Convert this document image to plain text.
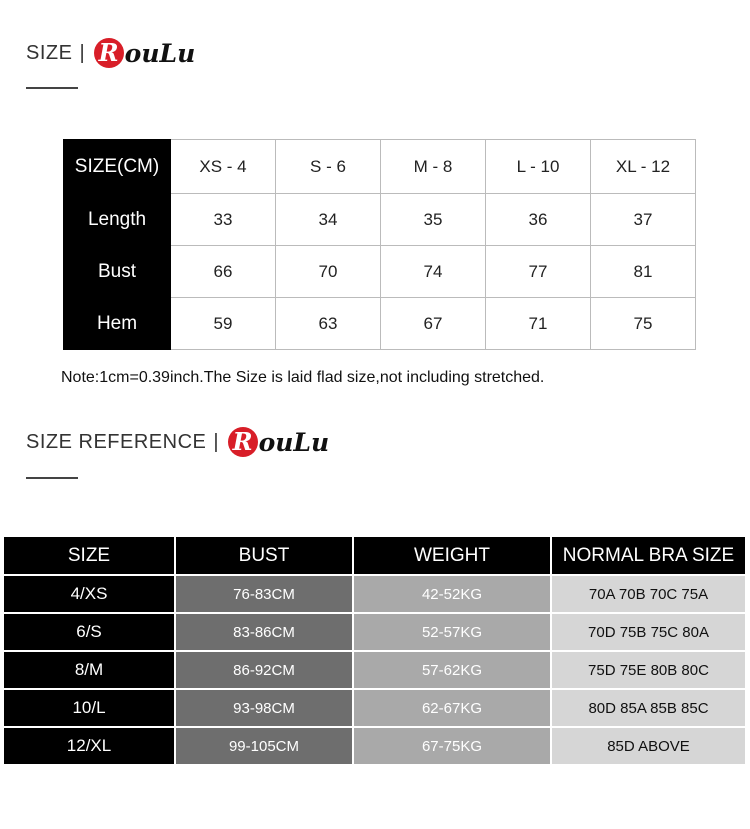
SIZE | R ouLu
SIZE(CM)	XS - 4	S - 6	M - 8	L - 10	XL - 12
Length	33	34	35	36	37
Bust	66	70	74	77	81
Hem	59	63	67	71	75
Note:1cm=0.39inch.The Size is laid flad size,not including stretched.
SIZE REFERENCE | R ouLu
SIZE	BUST	WEIGHT	NORMAL BRA SIZE
4/XS	76-83CM	42-52KG	70A 70B 70C 75A
6/S	83-86CM	52-57KG	70D 75B 75C 80A
8/M	86-92CM	57-62KG	75D 75E 80B 80C
10/L	93-98CM	62-67KG	80D 85A 85B 85C
12/XL	99-105CM	67-75KG	85D ABOVE
